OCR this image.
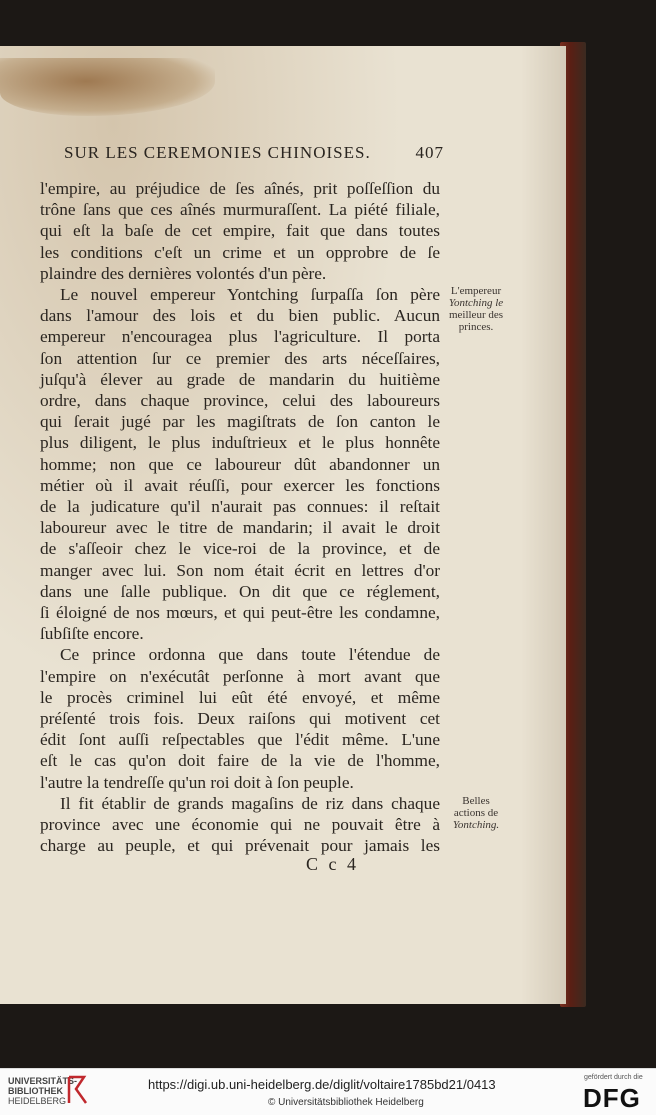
SUR LES CEREMONIES CHINOISES.	407

l'empire, au préjudice de ſes aînés, prit poſſeſſion du

trône ſans que ces aînés murmuraſſent. La piété filiale,

qui eſt la baſe de cet empire, fait que dans toutes

les conditions c'eſt un crime et un opprobre de ſe

plaindre des dernières volontés d'un père.

Le nouvel empereur Yontching ſurpaſſa ſon père

dans l'amour des lois et du bien public. Aucun

empereur n'encouragea plus l'agriculture. Il porta

ſon attention ſur ce premier des arts néceſſaires,

juſqu'à élever au grade de mandarin du huitième

ordre, dans chaque province, celui des laboureurs

qui ſerait jugé par les magiſtrats de ſon canton le

plus diligent, le plus induſtrieux et le plus honnête

homme; non que ce laboureur dût abandonner un

métier où il avait réuſſi, pour exercer les fonctions

de la judicature qu'il n'aurait pas connues: il reſtait

laboureur avec le titre de mandarin; il avait le droit

de s'aſſeoir chez le vice-roi de la province, et de

manger avec lui. Son nom était écrit en lettres d'or

dans une ſalle publique. On dit que ce réglement,

ſi éloigné de nos mœurs, et qui peut-être les condamne,

ſubſiſte encore.

Ce prince ordonna que dans toute l'étendue de

l'empire on n'exécutât perſonne à mort avant que

le procès criminel lui eût été envoyé, et même

préſenté trois fois. Deux raiſons qui motivent cet

édit ſont auſſi reſpectables que l'édit même. L'une

eſt le cas qu'on doit faire de la vie de l'homme,

l'autre la tendreſſe qu'un roi doit à ſon peuple.

Il fit établir de grands magaſins de riz dans chaque

province avec une économie qui ne pouvait être à

charge au peuple, et qui prévenait pour jamais les

L'empereur
Yontching le
meilleur des
princes.
Belles
actions de
Yontching.
C c 4
UNIVERSITÄTS-
BIBLIOTHEK
HEIDELBERG
https://digi.ub.uni-heidelberg.de/diglit/voltaire1785bd21/0413
© Universitätsbibliothek Heidelberg
gefördert durch die
DFG
